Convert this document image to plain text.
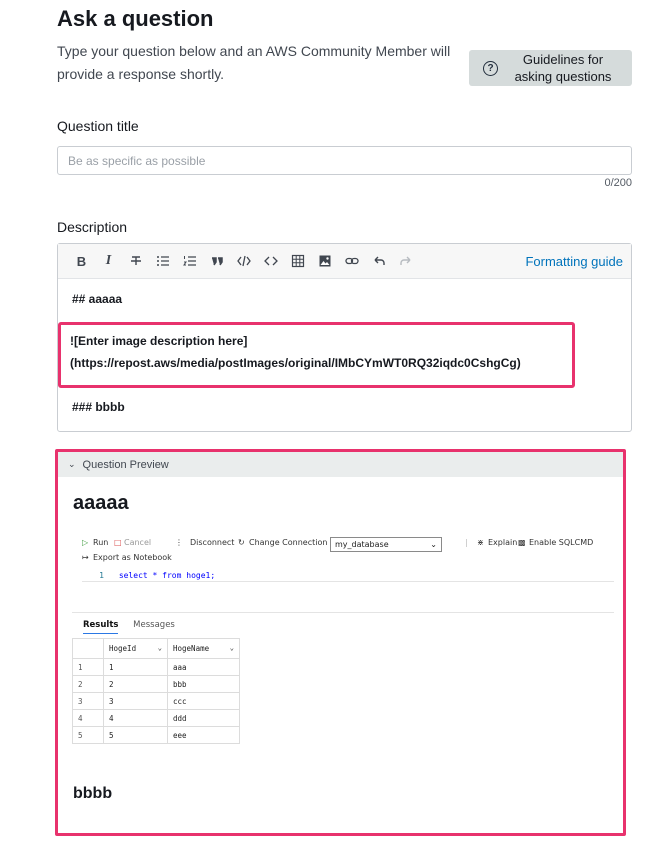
Ask a question
Type your question below and an AWS Community Member will provide a response shortly.	?
Guidelines for asking questions
Question title
Be as specific as possible
0/200
Description
B I	Formatting guide
## aaaaa
### bbbb
![Enter image description here]
(https://repost.aws/media/postImages/original/IMbCYmWT0RQ32iqdc0CshgCg)
⌄ Question Preview
aaaaa
▷ Run □ Cancel	⋮ Disconnect ↻ Change Connection	| ⋇ Explain ▩ Enable SQLCMD
↦ Export as Notebook
my_database	⌄
1 select * from hoge1;
Results Messages
	HogeId ⌄	HogeName ⌄

1	1	aaa
2	2	bbb
3	3	ccc
4	4	ddd
5	5	eee
bbbb
